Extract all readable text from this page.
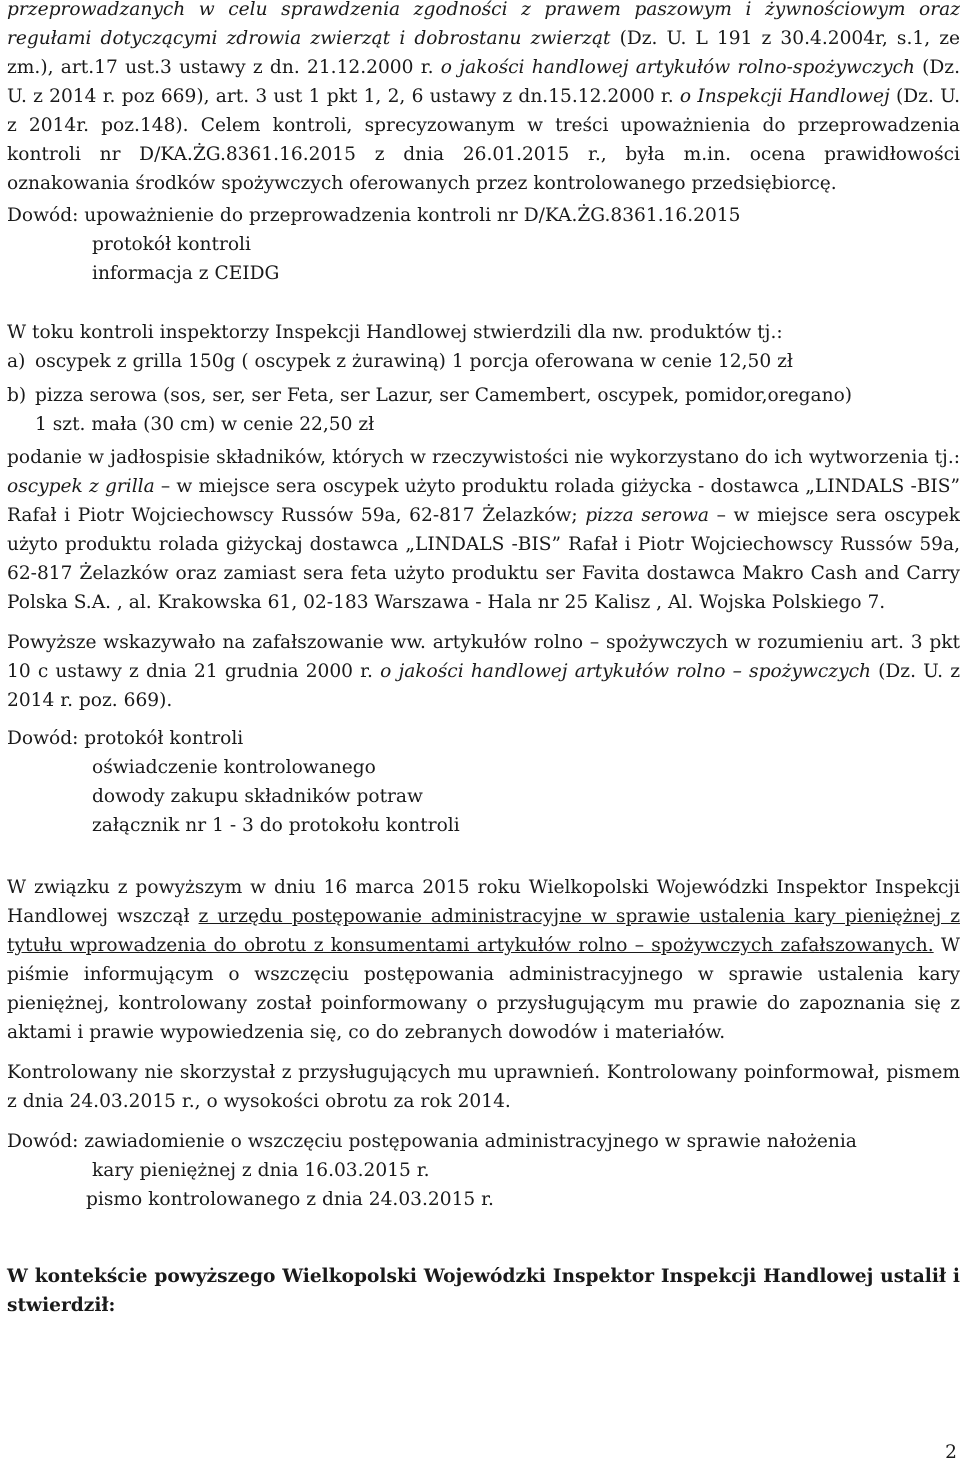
przeprowadzanych w celu sprawdzenia zgodności z prawem paszowym i żywnościowym oraz regułami dotyczącymi zdrowia zwierząt i dobrostanu zwierząt (Dz. U. L 191 z 30.4.2004r, s.1, ze zm.), art.17 ust.3 ustawy z dn. 21.12.2000 r. o jakości handlowej artykułów rolno-spożywczych (Dz. U. z 2014 r. poz 669), art. 3 ust 1 pkt 1, 2, 6 ustawy z dn.15.12.2000 r. o Inspekcji Handlowej (Dz. U. z 2014r. poz.148). Celem kontroli, sprecyzowanym w treści upoważnienia do przeprowadzenia kontroli nr D/KA.ŻG.8361.16.2015 z dnia 26.01.2015 r., była m.in. ocena prawidłowości oznakowania środków spożywczych oferowanych przez kontrolowanego przedsiębiorcę.

Dowód: upoważnienie do przeprowadzenia kontroli nr D/KA.ŻG.8361.16.2015
protokół kontroli
informacja z CEIDG

W toku kontroli inspektorzy Inspekcji Handlowej stwierdzili dla nw. produktów tj.:

a) oscypek z grilla 150g ( oscypek z żurawiną) 1 porcja oferowana w cenie 12,50 zł
b) pizza serowa (sos, ser, ser Feta, ser Lazur, ser Camembert, oscypek, pomidor,oregano)
1 szt. mała (30 cm) w cenie 22,50 zł

podanie w jadłospisie składników, których w rzeczywistości nie wykorzystano do ich wytworzenia tj.: oscypek z grilla – w miejsce sera oscypek użyto produktu rolada giżycka - dostawca „LINDALS -BIS” Rafał i Piotr Wojciechowscy Russów 59a, 62-817 Żelazków; pizza serowa – w miejsce sera oscypek użyto produktu rolada giżyckaj dostawca „LINDALS -BIS” Rafał i Piotr Wojciechowscy Russów 59a, 62-817 Żelazków oraz zamiast sera feta użyto produktu ser Favita dostawca Makro Cash and Carry Polska S.A. , al. Krakowska 61, 02-183 Warszawa - Hala nr 25 Kalisz , Al. Wojska Polskiego 7.

Powyższe wskazywało na zafałszowanie ww. artykułów rolno – spożywczych w rozumieniu art. 3 pkt 10 c ustawy z dnia 21 grudnia 2000 r. o jakości handlowej artykułów rolno – spożywczych (Dz. U. z 2014 r. poz. 669).

Dowód: protokół kontroli
oświadczenie kontrolowanego
dowody zakupu składników potraw
załącznik nr 1 - 3 do protokołu kontroli

W związku z powyższym w dniu 16 marca 2015 roku Wielkopolski Wojewódzki Inspektor Inspekcji Handlowej wszczął z urzędu postępowanie administracyjne w sprawie ustalenia kary pieniężnej z tytułu wprowadzenia do obrotu z konsumentami artykułów rolno – spożywczych zafałszowanych. W piśmie informującym o wszczęciu postępowania administracyjnego w sprawie ustalenia kary pieniężnej, kontrolowany został poinformowany o przysługującym mu prawie do zapoznania się z aktami i prawie wypowiedzenia się, co do zebranych dowodów i materiałów.

Kontrolowany nie skorzystał z przysługujących mu uprawnień. Kontrolowany poinformował, pismem z dnia 24.03.2015 r., o wysokości obrotu za rok 2014.

Dowód: zawiadomienie o wszczęciu postępowania administracyjnego w sprawie nałożenia
kary pieniężnej z dnia 16.03.2015 r.
pismo kontrolowanego z dnia 24.03.2015 r.

W kontekście powyższego Wielkopolski Wojewódzki Inspektor Inspekcji Handlowej ustalił i stwierdził:

2
